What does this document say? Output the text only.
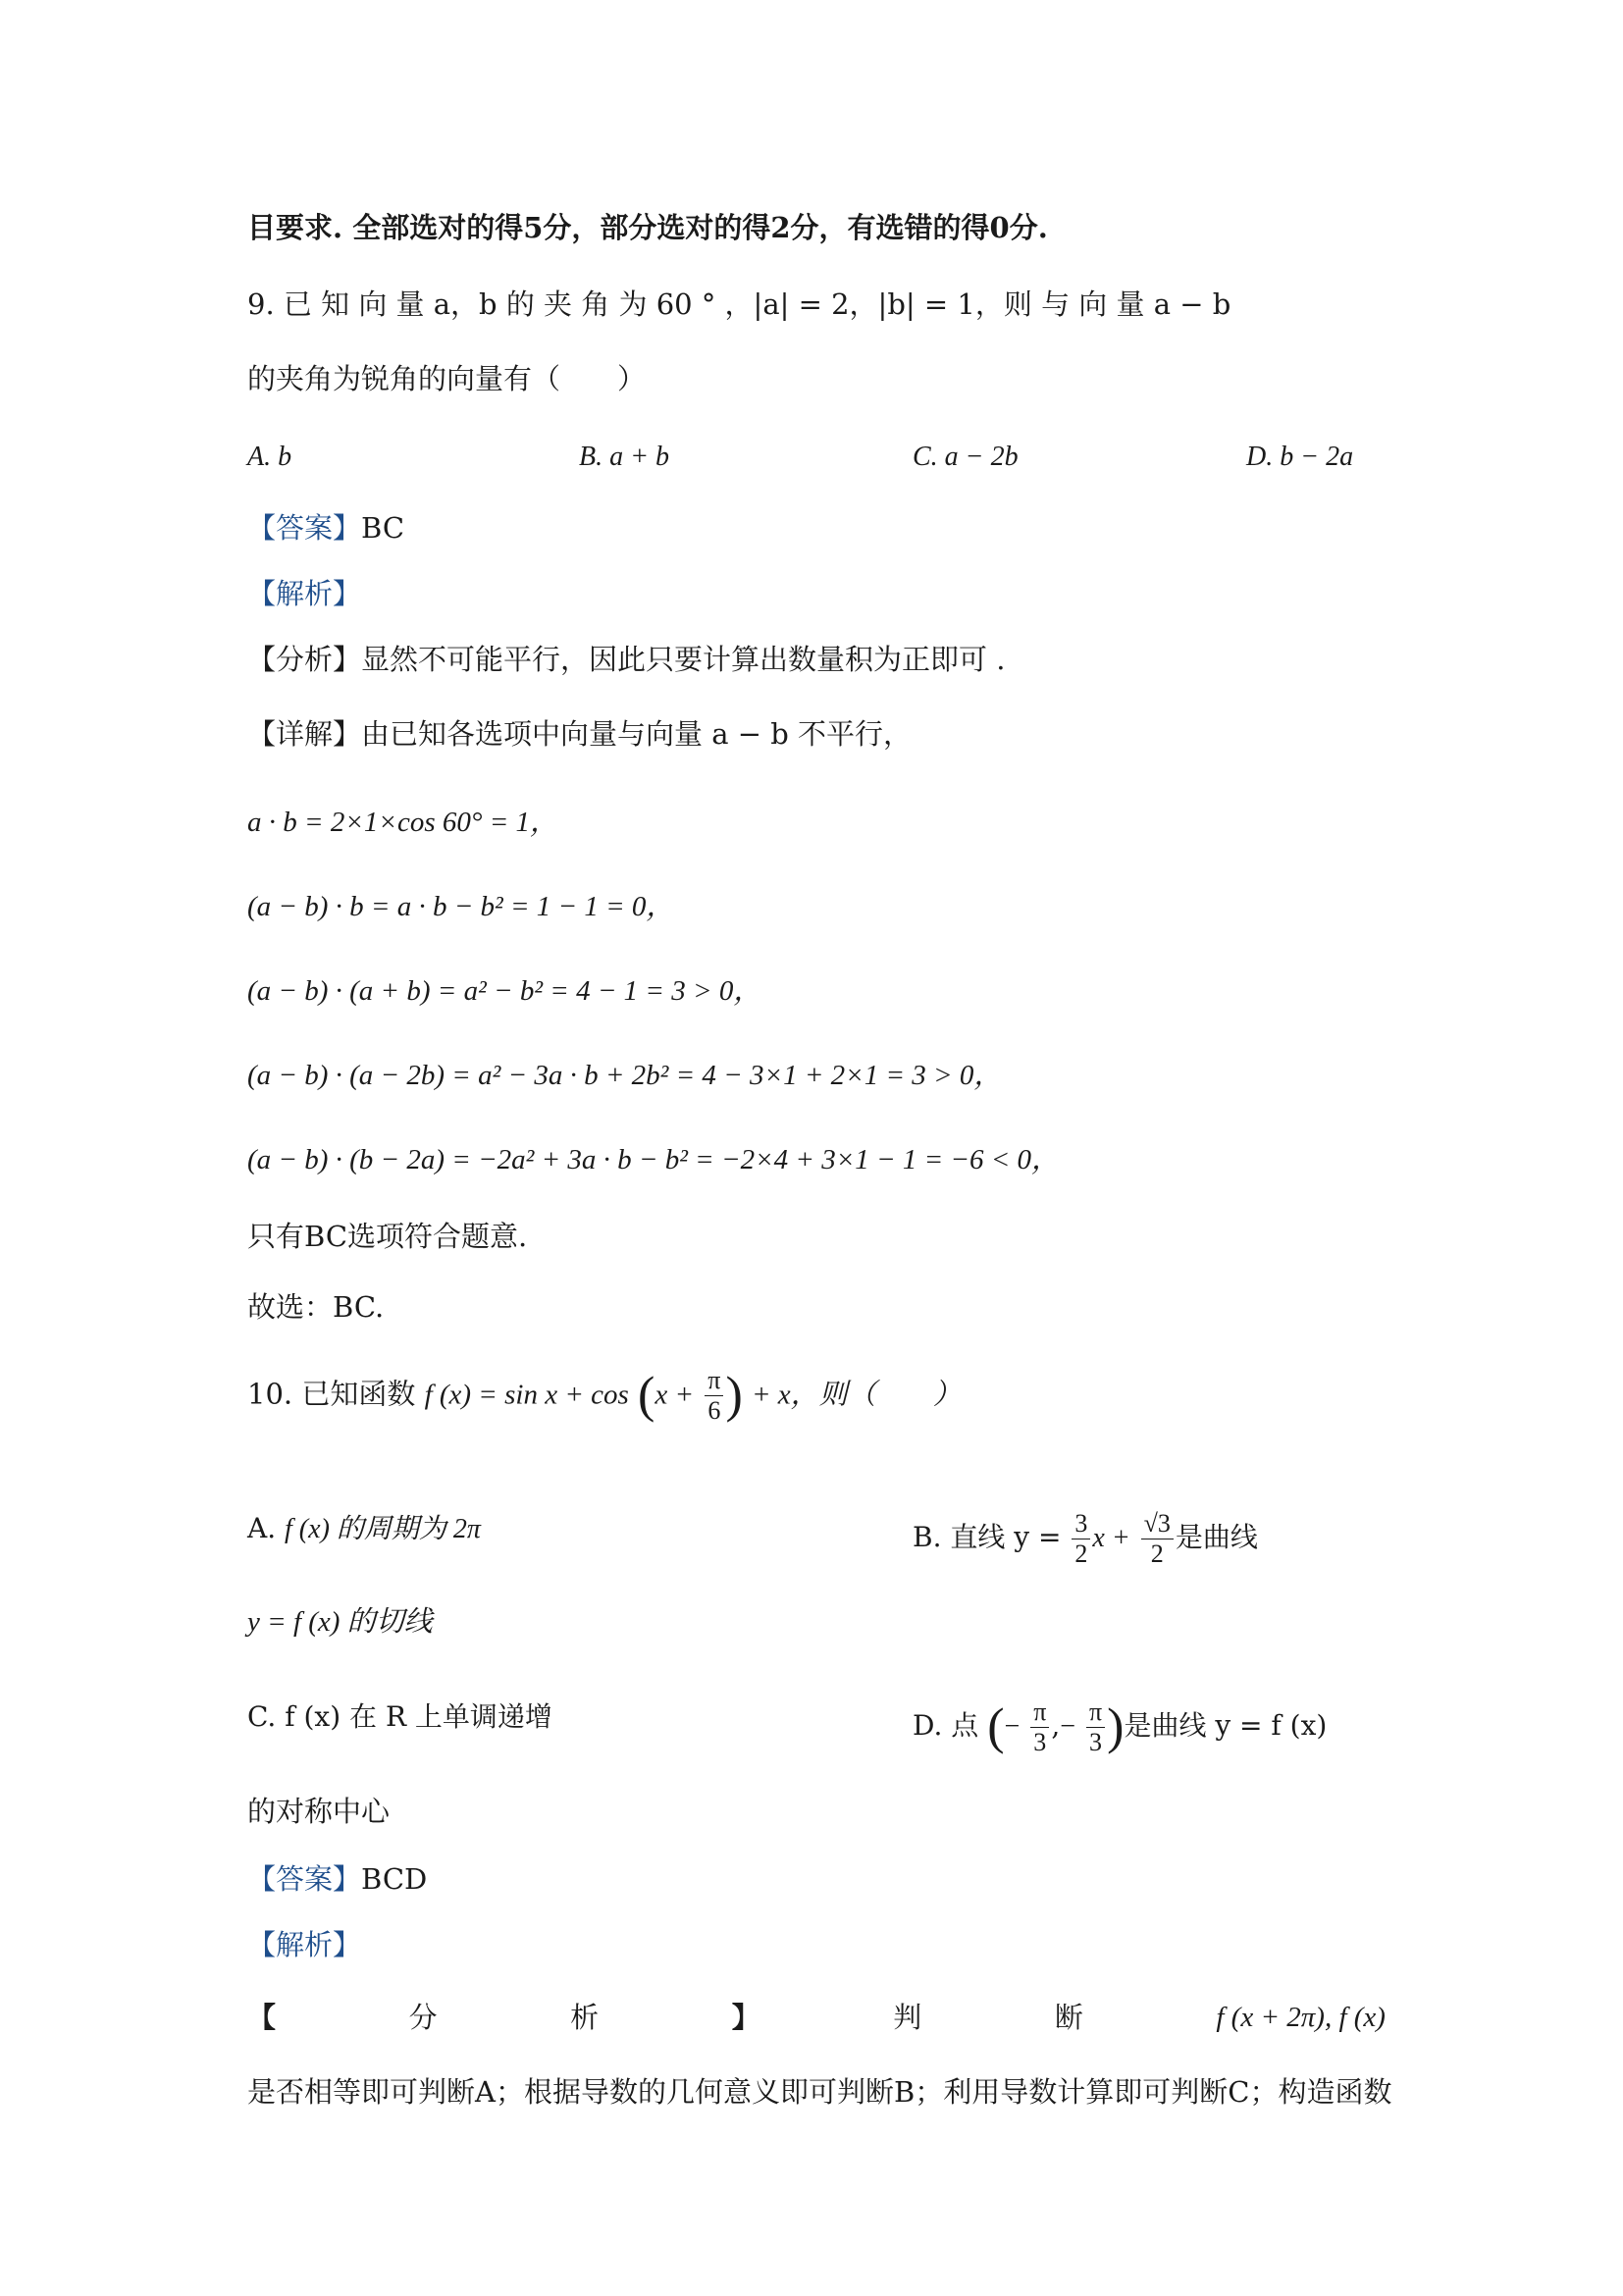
目要求. 全部选对的得5分，部分选对的得2分，有选错的得0分.
9. 已 知 向 量 a，b 的 夹 角 为 60 ° ，|a| = 2，|b| = 1，则 与 向 量 a − b
的夹角为锐角的向量有（　　）
A. b	B. a + b	C. a − 2b	D. b − 2a
【答案】BC
【解析】
【分析】显然不可能平行，因此只要计算出数量积为正即可 .
【详解】由已知各选项中向量与向量 a − b 不平行，
a · b = 2×1×cos 60° = 1，
(a − b) · b = a · b − b² = 1 − 1 = 0，
(a − b) · (a + b) = a² − b² = 4 − 1 = 3 > 0，
(a − b) · (a − 2b) = a² − 3a · b + 2b² = 4 − 3×1 + 2×1 = 3 > 0，
(a − b) · (b − 2a) = −2a² + 3a · b − b² = −2×4 + 3×1 − 1 = −6 < 0，
只有BC选项符合题意.
故选：BC.
10. 已知函数 f $(x) = \sin x + \cos (x + \frac{\pi}{6}$ ) + x，则（　　）
A. f (x) 的周期为 2π	B. 直线 $y = \frac{3}{2}$ $x + \frac{√3}{2}$ 是曲线
y = f (x) 的切线
C. f (x) 在 R 上单调递增	D. 点 (− $\frac{\pi}{3}$ ,− $\frac{\pi}{3}$ )是曲线 y = f (x)
的对称中心
【答案】BCD
【解析】
【	分	析	】	判	断	f (x + 2π), f (x)
是否相等即可判断A；根据导数的几何意义即可判断B；利用导数计算即可判断C；构造函数
